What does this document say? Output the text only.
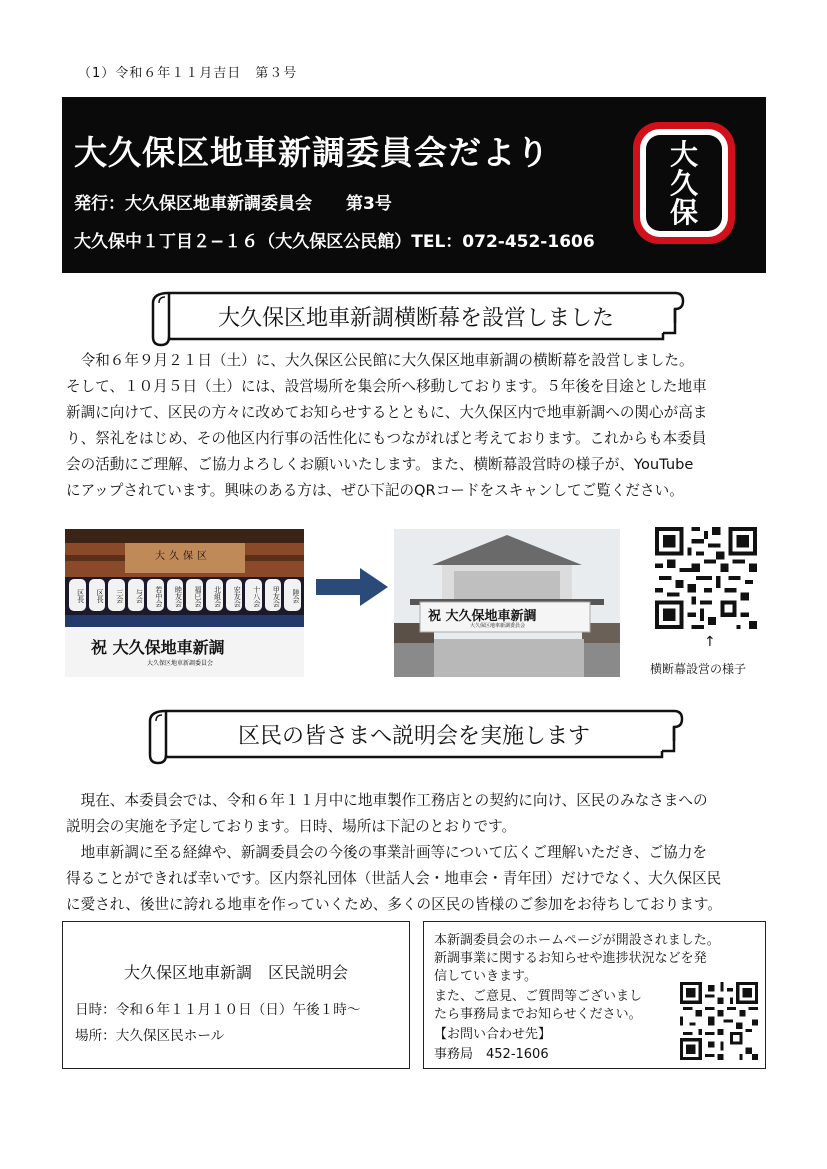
（1）令和６年１１月吉日　第３号
大久保区地車新調委員会だより
発行：大久保区地車新調委員会　　第3号
大久保中１丁目２−１６（大久保区公民館）TEL：072-452-1606
大
久
保
大久保区地車新調横断幕を設営しました
令和６年９月２１日（土）に、大久保区公民館に大久保区地車新調の横断幕を設営しました。
そして、１０月５日（土）には、設営場所を集会所へ移動しております。５年後を目途とした地車
新調に向けて、区民の方々に改めてお知らせするとともに、大久保区内で地車新調への関心が高ま
り、祭礼をはじめ、その他区内行事の活性化にもつながればと考えております。これからも本委員
会の活動にご理解、ご協力よろしくお願いいたします。また、横断幕設営時の様子が、YouTube
にアップされています。興味のある方は、ぜひ下記のQRコードをスキャンしてご覧ください。
大久保区
区長	区長	三会	与会	若中会	睦友会	福巳会	北組会	宏友会	十八会	甲友会	陸会
祝 大久保地車新調
大久保区地車新調委員会
祝 大久保地車新調
大久保区地車新調委員会
↑
横断幕設営の様子
区民の皆さまへ説明会を実施します
現在、本委員会では、令和６年１１月中に地車製作工務店との契約に向け、区民のみなさまへの
説明会の実施を予定しております。日時、場所は下記のとおりです。
地車新調に至る経緯や、新調委員会の今後の事業計画等について広くご理解いただき、ご協力を
得ることができれば幸いです。区内祭礼団体（世話人会・地車会・青年団）だけでなく、大久保区民
に愛され、後世に誇れる地車を作っていくため、多くの区民の皆様のご参加をお待ちしております。
大久保区地車新調　区民説明会
日時：令和６年１１月１０日（日）午後１時～
場所：大久保区民ホール
本新調委員会のホームページが開設されました。
新調事業に関するお知らせや進捗状況などを発
信していきます。
また、ご意見、ご質問等ございまし
たら事務局までお知らせください。
【お問い合わせ先】
事務局　452-1606
